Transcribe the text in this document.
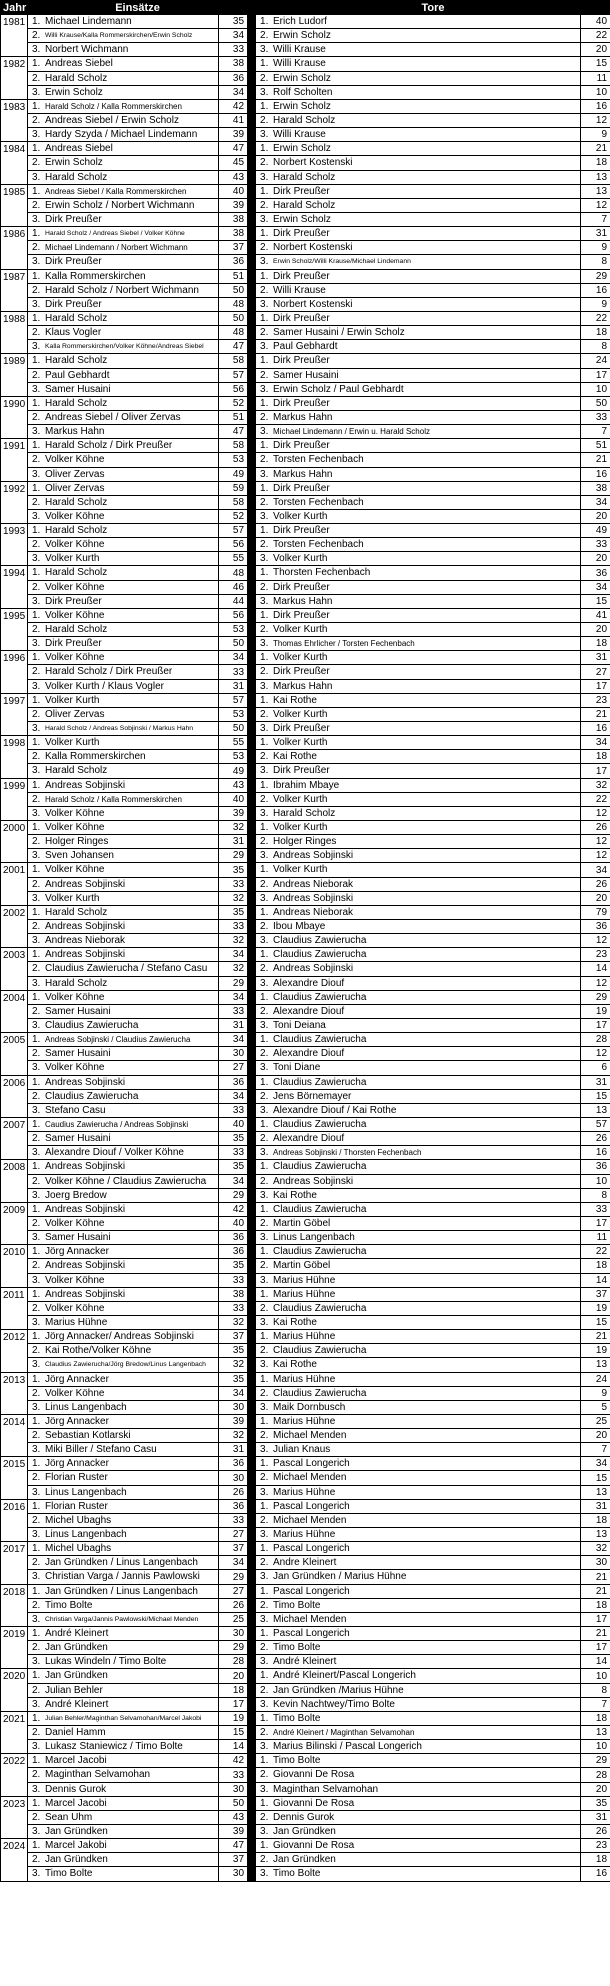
Jahr	Einsätze			Tore	
1981	1. Michael Lindemann	35		1. Erich Ludorf	40
	2. Willi Krause/Kalla Rommerskirchen/Erwin Scholz	34		2. Erwin Scholz	22
	3. Norbert Wichmann	33		3. Willi Krause	20
1982	1. Andreas Siebel	38		1. Willi Krause	15
	2. Harald Scholz	36		2. Erwin Scholz	11
	3. Erwin Scholz	34		3. Rolf Scholten	10
1983	1. Harald Scholz / Kalla Rommerskirchen	42		1. Erwin Scholz	16
	2. Andreas Siebel / Erwin Scholz	41		2. Harald Scholz	12
	3. Hardy Szyda / Michael Lindemann	39		3. Willi Krause	9
1984	1. Andreas Siebel	47		1. Erwin Scholz	21
	2. Erwin Scholz	45		2. Norbert Kostenski	18
	3. Harald Scholz	43		3. Harald Scholz	13
1985	1. Andreas Siebel / Kalla Rommerskirchen	40		1. Dirk Preußer	13
	2. Erwin Scholz / Norbert Wichmann	39		2. Harald Scholz	12
	3. Dirk Preußer	38		3. Erwin Scholz	7
1986	1. Harald Scholz / Andreas Siebel / Volker Köhne	38		1. Dirk Preußer	31
	2. Michael Lindemann / Norbert Wichmann	37		2. Norbert Kostenski	9
	3. Dirk Preußer	36		3. Erwin Scholz/Willi Krause/Michael Lindemann	8
1987	1. Kalla Rommerskirchen	51		1. Dirk Preußer	29
	2. Harald Scholz / Norbert Wichmann	50		2. Willi Krause	16
	3. Dirk Preußer	48		3. Norbert Kostenski	9
1988	1. Harald Scholz	50		1. Dirk Preußer	22
	2. Klaus Vogler	48		2. Samer Husaini / Erwin Scholz	18
	3. Kalla Rommerskirchen/Volker Köhne/Andreas Siebel	47		3. Paul Gebhardt	8
1989	1. Harald Scholz	58		1. Dirk Preußer	24
	2. Paul Gebhardt	57		2. Samer Husaini	17
	3. Samer Husaini	56		3. Erwin Scholz / Paul Gebhardt	10
1990	1. Harald Scholz	52		1. Dirk Preußer	50
	2. Andreas Siebel / Oliver Zervas	51		2. Markus Hahn	33
	3. Markus Hahn	47		3. Michael Lindemann / Erwin u. Harald Scholz	7
1991	1. Harald Scholz / Dirk Preußer	58		1. Dirk Preußer	51
	2. Volker Köhne	53		2. Torsten Fechenbach	21
	3. Oliver Zervas	49		3. Markus Hahn	16
1992	1. Oliver Zervas	59		1. Dirk Preußer	38
	2. Harald Scholz	58		2. Torsten Fechenbach	34
	3. Volker Köhne	52		3. Volker Kurth	20
1993	1. Harald Scholz	57		1. Dirk Preußer	49
	2. Volker Köhne	56		2. Torsten Fechenbach	33
	3. Volker Kurth	55		3. Volker Kurth	20
1994	1. Harald Scholz	48		1. Thorsten Fechenbach	36
	2. Volker Köhne	46		2. Dirk Preußer	34
	3. Dirk Preußer	44		3. Markus Hahn	15
1995	1. Volker Köhne	56		1. Dirk Preußer	41
	2. Harald Scholz	53		2. Volker Kurth	20
	3. Dirk Preußer	50		3. Thomas Ehrlicher / Torsten Fechenbach	18
1996	1. Volker Köhne	34		1. Volker Kurth	31
	2. Harald Scholz / Dirk Preußer	33		2. Dirk Preußer	27
	3. Volker Kurth / Klaus Vogler	31		3. Markus Hahn	17
1997	1. Volker Kurth	57		1. Kai Rothe	23
	2. Oliver Zervas	53		2. Volker Kurth	21
	3. Harald Scholz / Andreas Sobjinski / Markus Hahn	50		3. Dirk Preußer	16
1998	1. Volker Kurth	55		1. Volker Kurth	34
	2. Kalla Rommerskirchen	53		2. Kai Rothe	18
	3. Harald Scholz	49		3. Dirk Preußer	17
1999	1. Andreas Sobjinski	43		1. Ibrahim Mbaye	32
	2. Harald Scholz / Kalla Rommerskirchen	40		2. Volker Kurth	22
	3. Volker Köhne	39		3. Harald Scholz	12
2000	1. Volker Köhne	32		1. Volker Kurth	26
	2. Holger Ringes	31		2. Holger Ringes	12
	3. Sven Johansen	29		3. Andreas Sobjinski	12
2001	1. Volker Köhne	35		1. Volker Kurth	34
	2. Andreas Sobjinski	33		2. Andreas Nieborak	26
	3. Volker Kurth	32		3. Andreas Sobjinski	20
2002	1. Harald Scholz	35		1. Andreas Nieborak	79
	2. Andreas Sobjinski	33		2. Ibou Mbaye	36
	3. Andreas Nieborak	32		3. Claudius Zawierucha	12
2003	1. Andreas Sobjinski	34		1. Claudius Zawierucha	23
	2. Claudius Zawierucha / Stefano Casu	32		2. Andreas Sobjinski	14
	3. Harald Scholz	29		3. Alexandre Diouf	12
2004	1. Volker Köhne	34		1. Claudius Zawierucha	29
	2. Samer Husaini	33		2. Alexandre Diouf	19
	3. Claudius Zawierucha	31		3. Toni Deiana	17
2005	1. Andreas Sobjinski / Claudius Zawierucha	34		1. Claudius Zawierucha	28
	2. Samer Husaini	30		2. Alexandre Diouf	12
	3. Volker Köhne	27		3. Toni Diane	6
2006	1. Andreas Sobjinski	36		1. Claudius Zawierucha	31
	2. Claudius Zawierucha	34		2. Jens Börnemayer	15
	3. Stefano Casu	33		3. Alexandre Diouf / Kai Rothe	13
2007	1. Caudius Zawierucha / Andreas Sobjinski	40		1. Claudius Zawierucha	57
	2. Samer Husaini	35		2. Alexandre Diouf	26
	3. Alexandre Diouf / Volker Köhne	33		3. Andreas Sobjinski / Thorsten Fechenbach	16
2008	1. Andreas Sobjinski	35		1. Claudius Zawierucha	36
	2. Volker Köhne / Claudius Zawierucha	34		2. Andreas Sobjinski	10
	3. Joerg Bredow	29		3. Kai Rothe	8
2009	1. Andreas Sobjinski	42		1. Claudius Zawierucha	33
	2. Volker Köhne	40		2. Martin Göbel	17
	3. Samer Husaini	36		3. Linus Langenbach	11
2010	1. Jörg Annacker	36		1. Claudius Zawierucha	22
	2. Andreas Sobjinski	35		2. Martin Göbel	18
	3. Volker Köhne	33		3. Marius Hühne	14
2011	1. Andreas Sobjinski	38		1. Marius Hühne	37
	2. Volker Köhne	33		2. Claudius Zawierucha	19
	3. Marius Hühne	32		3. Kai Rothe	15
2012	1. Jörg Annacker/ Andreas Sobjinski	37		1. Marius Hühne	21
	2. Kai Rothe/Volker Köhne	35		2. Claudius Zawierucha	19
	3. Claudius Zawierucha/Jörg Bredow/Linus Langenbach	32		3. Kai Rothe	13
2013	1. Jörg Annacker	35		1. Marius Hühne	24
	2. Volker Köhne	34		2. Claudius Zawierucha	9
	3. Linus Langenbach	30		3. Maik Dornbusch	5
2014	1. Jörg Annacker	39		1. Marius Hühne	25
	2. Sebastian Kotlarski	32		2. Michael Menden	20
	3. Miki Biller / Stefano Casu	31		3. Julian Knaus	7
2015	1. Jörg Annacker	36		1. Pascal Longerich	34
	2. Florian Ruster	30		2. Michael Menden	15
	3. Linus Langenbach	26		3. Marius Hühne	13
2016	1. Florian Ruster	36		1. Pascal Longerich	31
	2. Michel Ubaghs	33		2. Michael Menden	18
	3. Linus Langenbach	27		3. Marius Hühne	13
2017	1. Michel Ubaghs	37		1. Pascal Longerich	32
	2. Jan Gründken / Linus Langenbach	34		2. Andre Kleinert	30
	3. Christian Varga / Jannis Pawlowski	29		3. Jan Gründken / Marius Hühne	21
2018	1. Jan Gründken / Linus Langenbach	27		1. Pascal Longerich	21
	2. Timo Bolte	26		2. Timo Bolte	18
	3. Christian Varga/Jannis Pawlowski/Michael Menden	25		3. Michael Menden	17
2019	1. André Kleinert	30		1. Pascal Longerich	21
	2. Jan Gründken	29		2. Timo Bolte	17
	3. Lukas Windeln / Timo Bolte	28		3. André Kleinert	14
2020	1. Jan Gründken	20		1. André Kleinert/Pascal Longerich	10
	2. Julian Behler	18		2. Jan Gründken /Marius Hühne	8
	3. André Kleinert	17		3. Kevin Nachtwey/Timo Bolte	7
2021	1. Julian Behler/Maginthan Selvamohan/Marcel Jakobi	19		1. Timo Bolte	18
	2. Daniel Hamm	15		2. André Kleinert / Maginthan Selvamohan	13
	3. Lukasz Staniewicz / Timo Bolte	14		3. Marius Bilinski / Pascal Longerich	10
2022	1. Marcel Jacobi	42		1. Timo Bolte	29
	2. Maginthan Selvamohan	33		2. Giovanni De Rosa	28
	3. Dennis Gurok	30		3. Maginthan Selvamohan	20
2023	1. Marcel Jacobi	50		1. Giovanni De Rosa	35
	2. Sean Uhm	43		2. Dennis Gurok	31
	3. Jan Gründken	39		3. Jan Gründken	26
2024	1. Marcel Jakobi	47		1. Giovanni De Rosa	23
	2. Jan Gründken	37		2. Jan Gründken	18
	3. Timo Bolte	30		3. Timo Bolte	16
